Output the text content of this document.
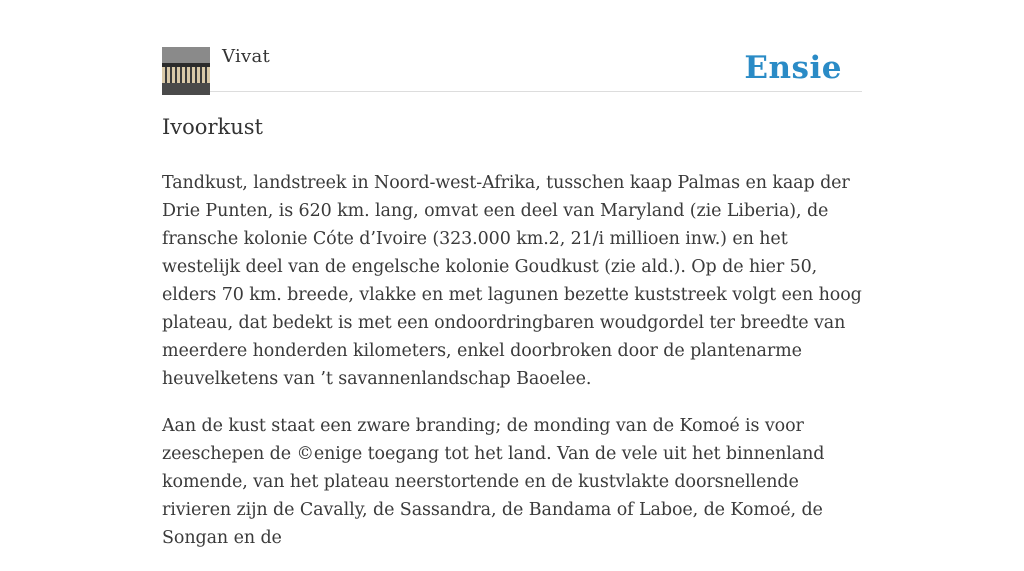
Vivat	Ensie
Ivoorkust

Tandkust, landstreek in Noord-west-Afrika, tusschen kaap Palmas en kaap der Drie Punten, is 620 km. lang, omvat een deel van Maryland (zie Liberia), de fransche kolonie Cóte d’Ivoire (323.000 km.2, 21/i millioen inw.) en het westelijk deel van de engelsche kolonie Goudkust (zie ald.). Op de hier 50, elders 70 km. breede, vlakke en met lagunen bezette kuststreek volgt een hoog plateau, dat bedekt is met een ondoordringbaren woudgordel ter breedte van meerdere honderden kilometers, enkel doorbroken door de plantenarme heuvelketens van ’t savannenlandschap Baoelee.

Aan de kust staat een zware branding; de monding van de Komoé is voor zeeschepen de ©enige toegang tot het land. Van de vele uit het binnenland komende, van het plateau neerstortende en de kustvlakte doorsnellende rivieren zijn de Cavally, de Sassandra, de Bandama of Laboe, de Komoé, de Songan en de
